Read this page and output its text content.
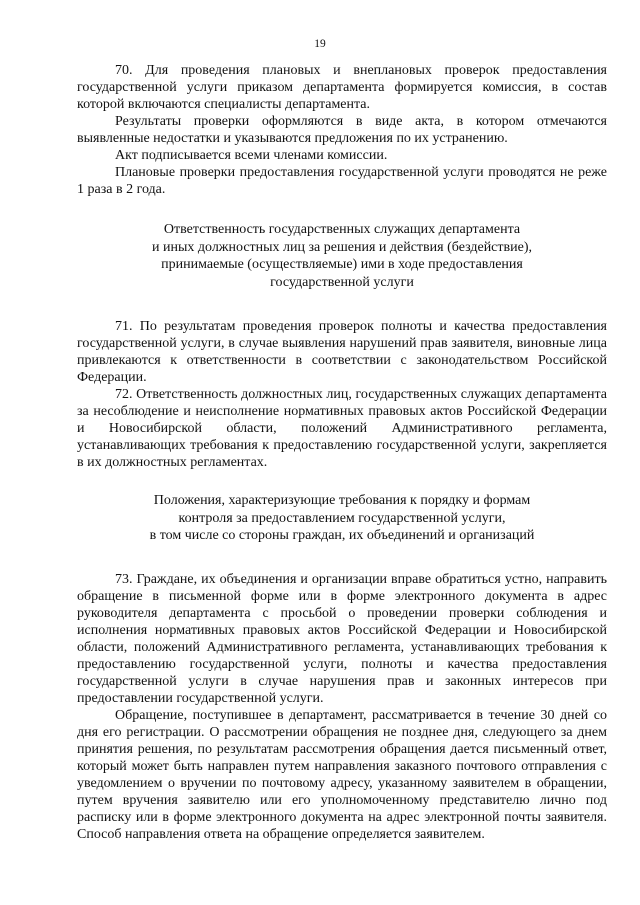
19

70. Для проведения плановых и внеплановых проверок предоставления государственной услуги приказом департамента формируется комиссия, в состав которой включаются специалисты департамента.

Результаты проверки оформляются в виде акта, в котором отмечаются выявленные недостатки и указываются предложения по их устранению.

Акт подписывается всеми членами комиссии.

Плановые проверки предоставления государственной услуги проводятся не реже 1 раза в 2 года.

Ответственность государственных служащих департамента
и иных должностных лиц за решения и действия (бездействие),
принимаемые (осуществляемые) ими в ходе предоставления
государственной услуги

71. По результатам проведения проверок полноты и качества предоставления государственной услуги, в случае выявления нарушений прав заявителя, виновные лица привлекаются к ответственности в соответствии с законодательством Российской Федерации.

72. Ответственность должностных лиц, государственных служащих департамента за несоблюдение и неисполнение нормативных правовых актов Российской Федерации и Новосибирской области, положений Административного регламента, устанавливающих требования к предоставлению государственной услуги, закрепляется в их должностных регламентах.

Положения, характеризующие требования к порядку и формам
контроля за предоставлением государственной услуги,
в том числе со стороны граждан, их объединений и организаций

73. Граждане, их объединения и организации вправе обратиться устно, направить обращение в письменной форме или в форме электронного документа в адрес руководителя департамента с просьбой о проведении проверки соблюдения и исполнения нормативных правовых актов Российской Федерации и Новосибирской области, положений Административного регламента, устанавливающих требования к предоставлению государственной услуги, полноты и качества предоставления государственной услуги в случае нарушения прав и законных интересов при предоставлении государственной услуги.

Обращение, поступившее в департамент, рассматривается в течение 30 дней со дня его регистрации. О рассмотрении обращения не позднее дня, следующего за днем принятия решения, по результатам рассмотрения обращения дается письменный ответ, который может быть направлен путем направления заказного почтового отправления с уведомлением о вручении по почтовому адресу, указанному заявителем в обращении, путем вручения заявителю или его уполномоченному представителю лично под расписку или в форме электронного документа на адрес электронной почты заявителя. Способ направления ответа на обращение определяется заявителем.
